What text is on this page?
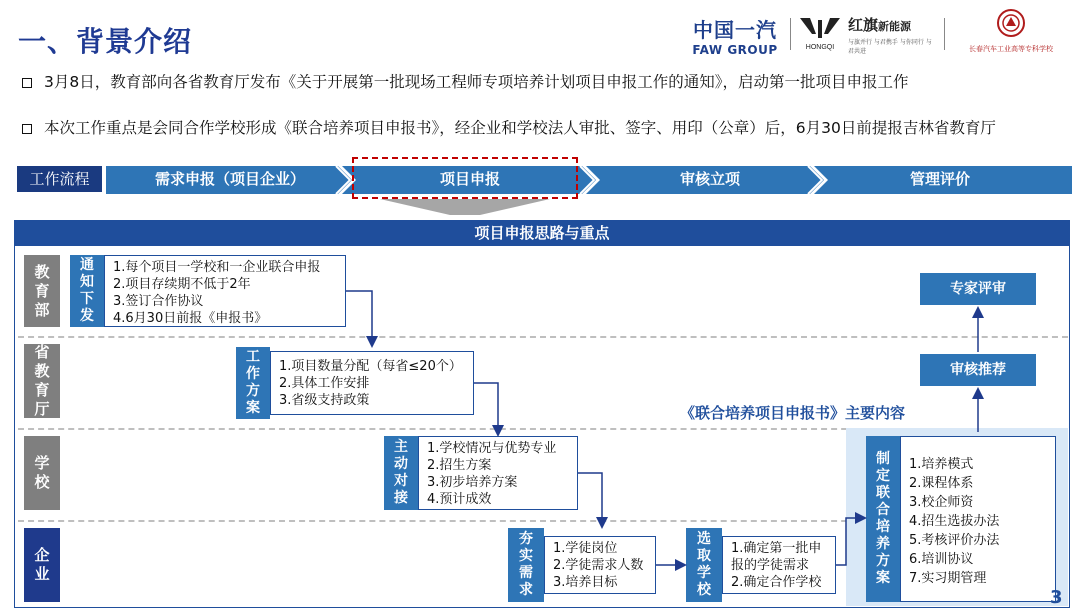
一、背景介绍	中国一汽
FAW GROUP	HONGQI
红旗新能源
与旗并行 与君携手 与你同行 与君共进	长春汽车工业高等专科学校
3月8日，教育部向各省教育厅发布《关于开展第一批现场工程师专项培养计划项目申报工作的通知》，启动第一批项目申报工作
本次工作重点是会同合作学校形成《联合培养项目申报书》，经企业和学校法人审批、签字、用印（公章）后，6月30日前提报吉林省教育厅
工作流程	需求申报（项目企业）	项目申报	审核立项	管理评价
项目申报思路与重点
教育部
省教育厅
学校
企业
通知下发
1.每个项目一学校和一企业联合申报
2.项目存续期不低于2年
3.签订合作协议
4.6月30日前报《申报书》
工作方案
1.项目数量分配（每省≤20个）
2.具体工作安排
3.省级支持政策
主动对接
1.学校情况与优势专业
2.招生方案
3.初步培养方案
4.预计成效
夯实需求
1.学徒岗位
2.学徒需求人数
3.培养目标
选取学校
1.确定第一批申
报的学徒需求
2.确定合作学校
《联合培养项目申报书》主要内容
制定联合培养方案
1.培养模式
2.课程体系
3.校企师资
4.招生选拔办法
5.考核评价办法
6.培训协议
7.实习期管理
审核推荐
专家评审
3
